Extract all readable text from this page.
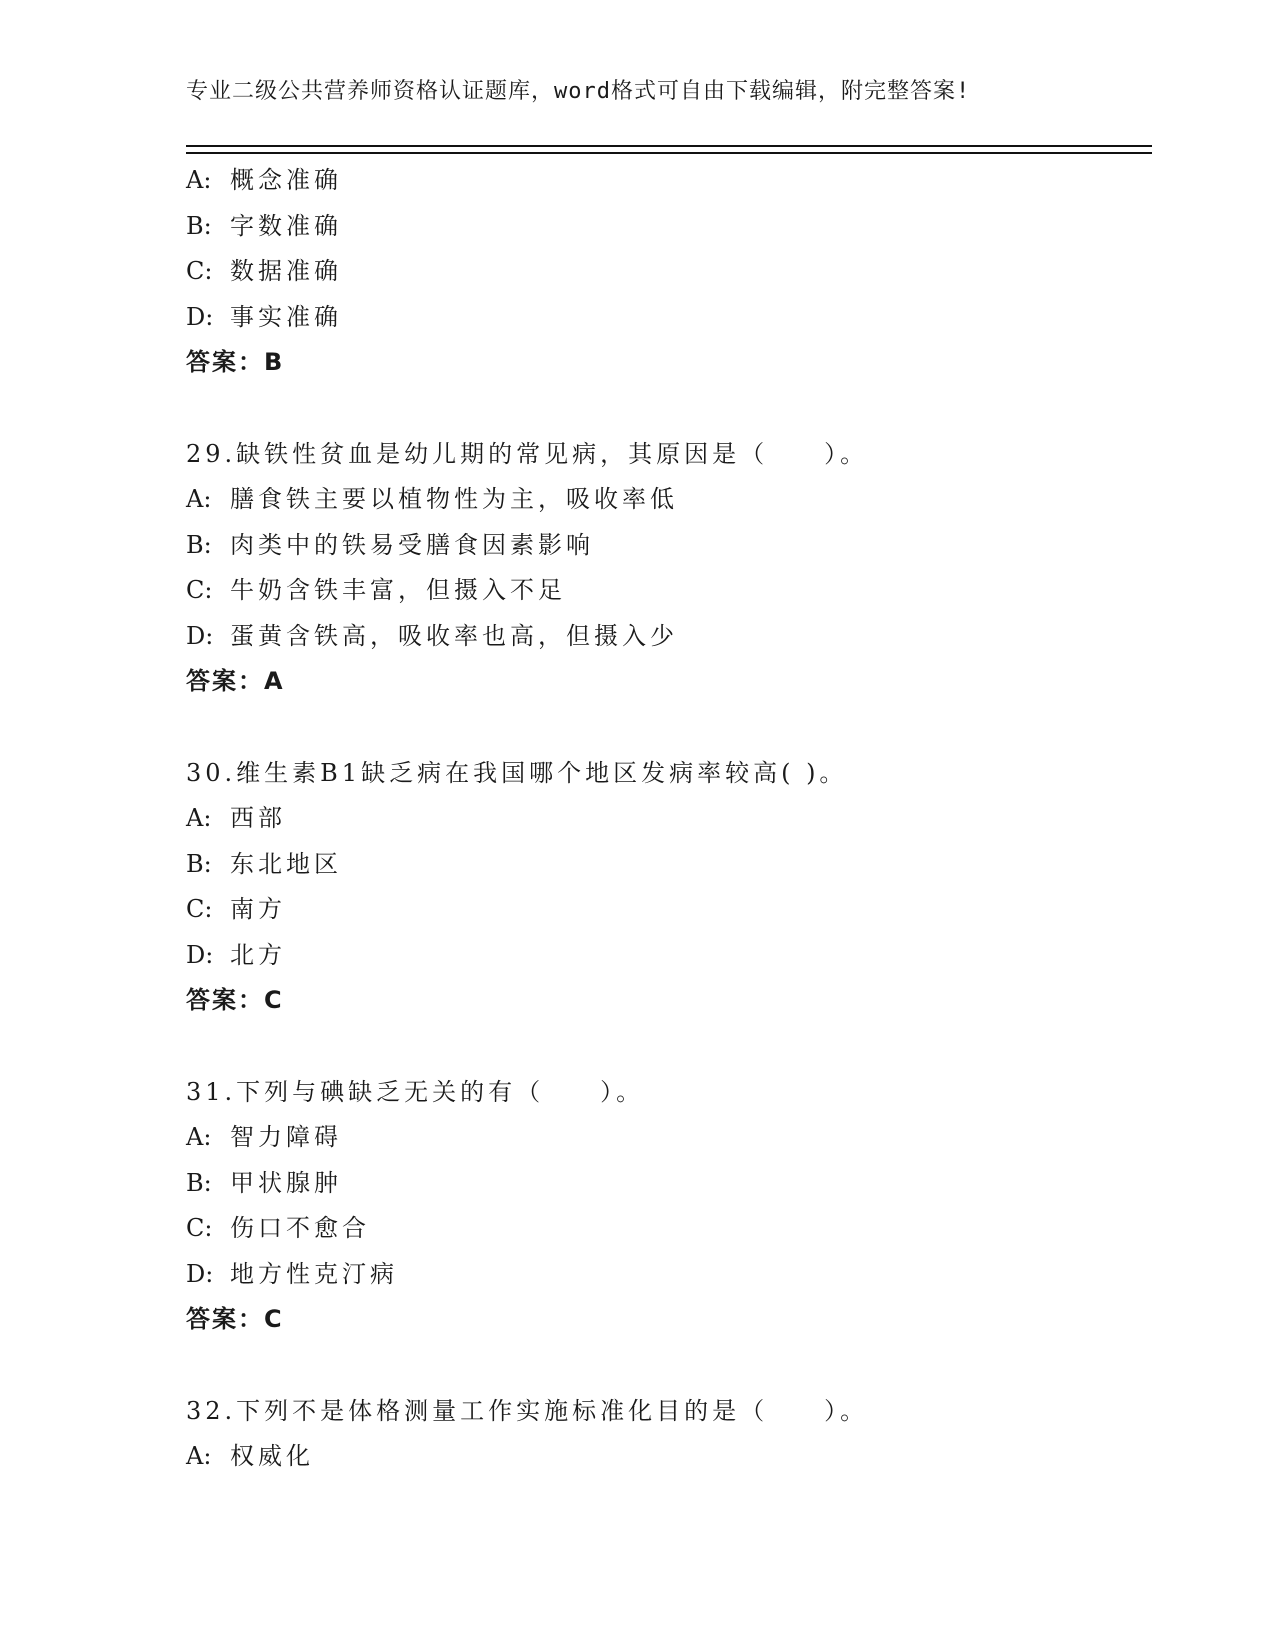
专业二级公共营养师资格认证题库，word格式可自由下载编辑，附完整答案!
A: 概念准确
B: 字数准确
C: 数据准确
D: 事实准确
答案：B
29.缺铁性贫血是幼儿期的常见病，其原因是（　　）。
A: 膳食铁主要以植物性为主，吸收率低
B: 肉类中的铁易受膳食因素影响
C: 牛奶含铁丰富，但摄入不足
D: 蛋黄含铁高，吸收率也高，但摄入少
答案：A
30.维生素B1缺乏病在我国哪个地区发病率较高( )。
A: 西部
B: 东北地区
C: 南方
D: 北方
答案：C
31.下列与碘缺乏无关的有（　　）。
A: 智力障碍
B: 甲状腺肿
C: 伤口不愈合
D: 地方性克汀病
答案：C
32.下列不是体格测量工作实施标准化目的是（　　）。
A: 权威化
